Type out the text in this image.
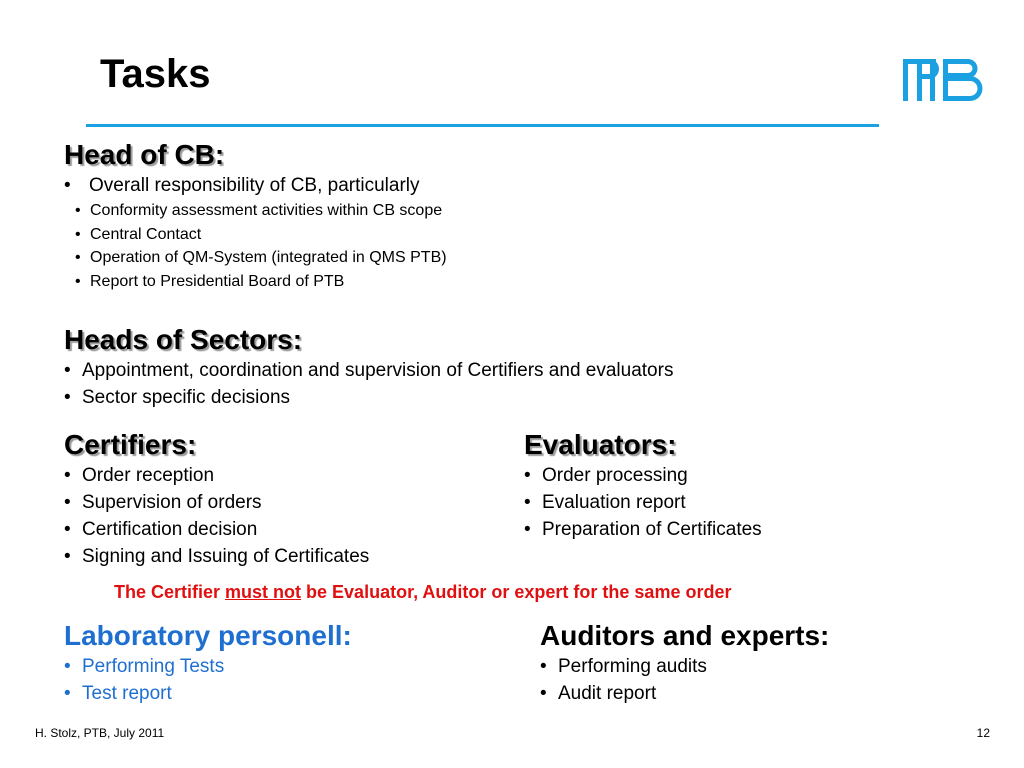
Tasks
Head of CB:
• Overall responsibility of CB, particularly
• Conformity assessment activities within CB scope
• Central Contact
• Operation of QM-System (integrated in QMS PTB)
• Report to Presidential Board of PTB
Heads of Sectors:
• Appointment, coordination and supervision of Certifiers and evaluators
• Sector specific decisions
Certifiers:
• Order reception
• Supervision of orders
• Certification decision
• Signing and Issuing of Certificates
Evaluators:
• Order processing
• Evaluation report
• Preparation of Certificates
The Certifier must not be Evaluator, Auditor or expert for the same order
Laboratory personell:
• Performing Tests
• Test report
Auditors and experts:
• Performing audits
• Audit report
H. Stolz, PTB, July 2011	12
